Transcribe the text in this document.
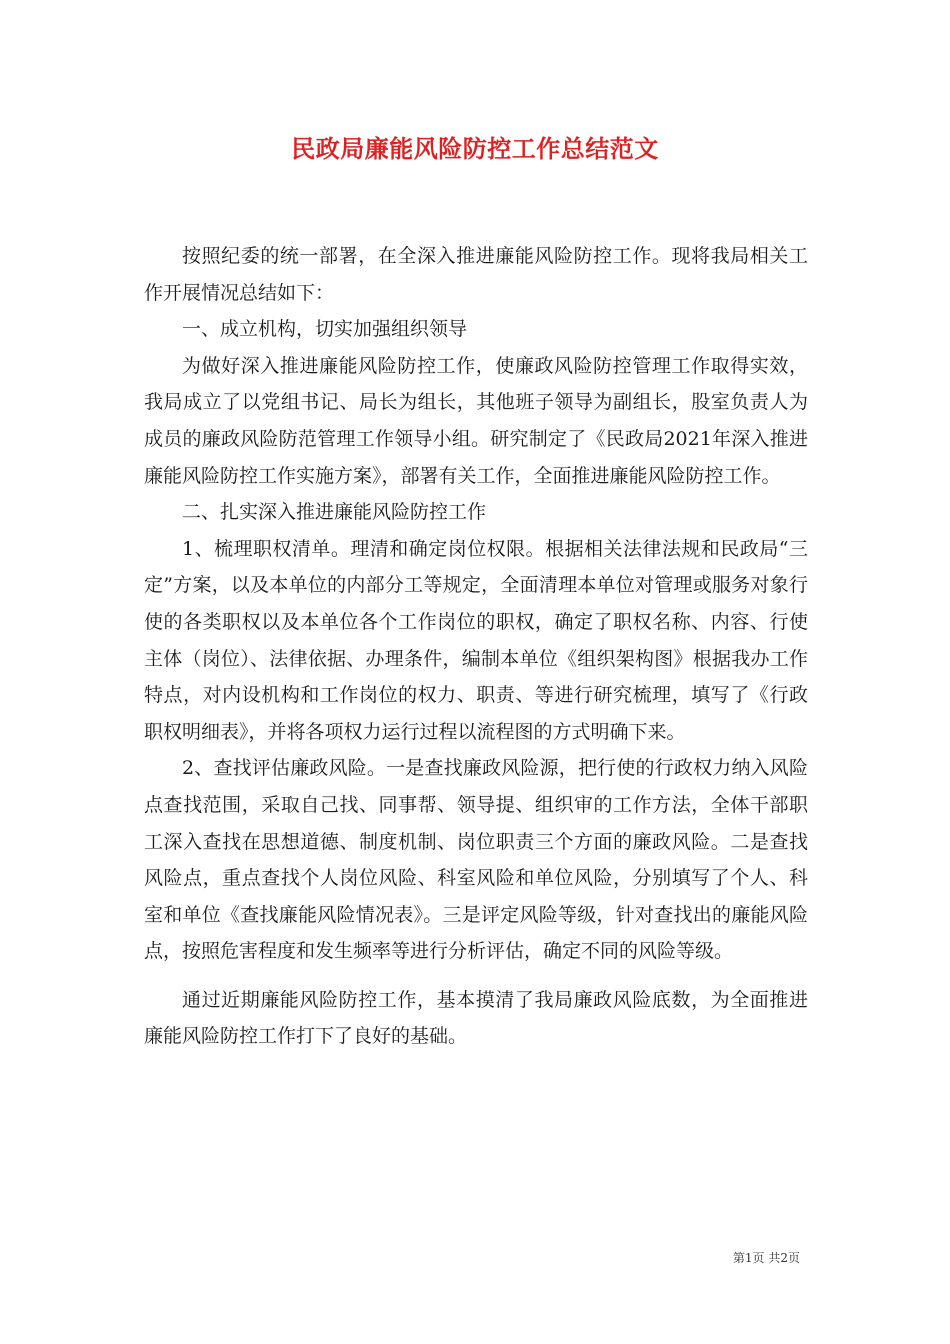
民政局廉能风险防控工作总结范文

按照纪委的统一部署，在全深入推进廉能风险防控工作。现将我局相关工作开展情况总结如下：

一、成立机构，切实加强组织领导

为做好深入推进廉能风险防控工作，使廉政风险防控管理工作取得实效，我局成立了以党组书记、局长为组长，其他班子领导为副组长，股室负责人为成员的廉政风险防范管理工作领导小组。研究制定了《民政局2021年深入推进廉能风险防控工作实施方案》，部署有关工作，全面推进廉能风险防控工作。

二、扎实深入推进廉能风险防控工作

1、梳理职权清单。理清和确定岗位权限。根据相关法律法规和民政局“三定”方案，以及本单位的内部分工等规定，全面清理本单位对管理或服务对象行使的各类职权以及本单位各个工作岗位的职权，确定了职权名称、内容、行使主体（岗位）、法律依据、办理条件，编制本单位《组织架构图》根据我办工作特点，对内设机构和工作岗位的权力、职责、等进行研究梳理，填写了《行政职权明细表》，并将各项权力运行过程以流程图的方式明确下来。

2、查找评估廉政风险。一是查找廉政风险源，把行使的行政权力纳入风险点查找范围，采取自己找、同事帮、领导提、组织审的工作方法，全体干部职工深入查找在思想道德、制度机制、岗位职责三个方面的廉政风险。二是查找风险点，重点查找个人岗位风险、科室风险和单位风险，分别填写了个人、科室和单位《查找廉能风险情况表》。三是评定风险等级，针对查找出的廉能风险点，按照危害程度和发生频率等进行分析评估，确定不同的风险等级。

通过近期廉能风险防控工作，基本摸清了我局廉政风险底数，为全面推进廉能风险防控工作打下了良好的基础。

第1页 共2页
